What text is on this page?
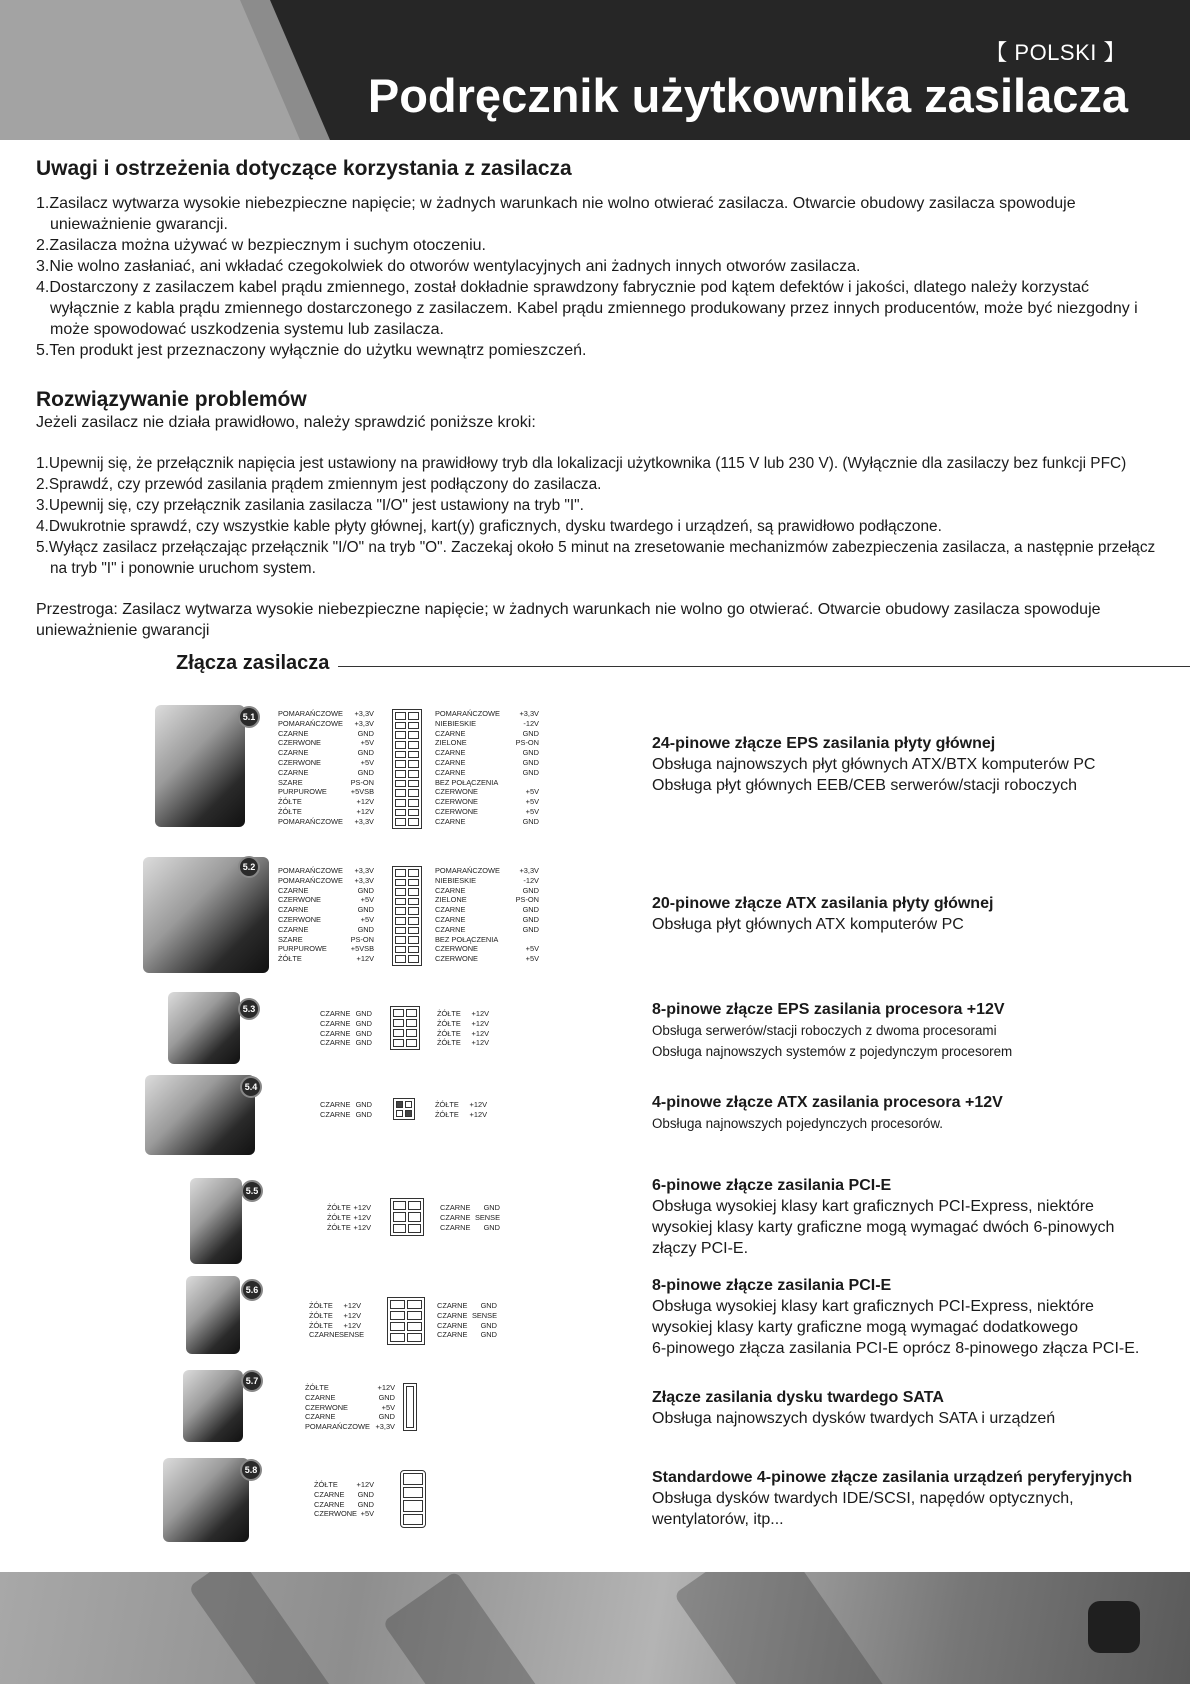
【 POLSKI 】
Podręcznik użytkownika zasilacza
Uwagi i ostrzeżenia dotyczące korzystania z zasilacza
1.Zasilacz wytwarza wysokie niebezpieczne napięcie; w żadnych warunkach nie wolno otwierać zasilacza. Otwarcie obudowy zasilacza spowoduje unieważnienie gwarancji.
2.Zasilacza można używać w bezpiecznym i suchym otoczeniu.
3.Nie wolno zasłaniać, ani wkładać czegokolwiek do otworów wentylacyjnych ani żadnych innych otworów zasilacza.
4.Dostarczony z zasilaczem kabel prądu zmiennego, został dokładnie sprawdzony fabrycznie pod kątem defektów i jakości, dlatego należy korzystać wyłącznie z kabla prądu zmiennego dostarczonego z zasilaczem. Kabel prądu zmiennego produkowany przez innych producentów, może być niezgodny i może spowodować uszkodzenia systemu lub zasilacza.
5.Ten produkt jest przeznaczony wyłącznie do użytku wewnątrz pomieszczeń.
Rozwiązywanie problemów

Jeżeli zasilacz nie działa prawidłowo, należy sprawdzić poniższe kroki:

1.Upewnij się, że przełącznik napięcia jest ustawiony na prawidłowy tryb dla lokalizacji użytkownika (115 V lub 230 V). (Wyłącznie dla zasilaczy bez funkcji PFC)
2.Sprawdź, czy przewód zasilania prądem zmiennym jest podłączony do zasilacza.
3.Upewnij się, czy przełącznik zasilania zasilacza "I/O" jest ustawiony na tryb "I".
4.Dwukrotnie sprawdź, czy wszystkie kable płyty głównej, kart(y) graficznych, dysku twardego i urządzeń, są prawidłowo podłączone.
5.Wyłącz zasilacz przełączając przełącznik "I/O" na tryb "O". Zaczekaj około 5 minut na zresetowanie mechanizmów zabezpieczenia zasilacza, a następnie przełącz na tryb "I" i ponownie uruchom system.

Przestroga: Zasilacz wytwarza wysokie niebezpieczne napięcie; w żadnych warunkach nie wolno go otwierać. Otwarcie obudowy zasilacza spowoduje unieważnienie gwarancji

Złącza zasilacza
5.1	POMARAŃCZOWE	+3,3V
POMARAŃCZOWE	+3,3V
CZARNE	GND
CZERWONE	+5V
CZARNE	GND
CZERWONE	+5V
CZARNE	GND
SZARE	PS-ON
PURPUROWE	+5VSB
ŻÓŁTE	+12V
ŻÓŁTE	+12V
POMARAŃCZOWE	+3,3V
POMARAŃCZOWE	+3,3V
NIEBIESKIE	-12V
CZARNE	GND
ZIELONE	PS-ON
CZARNE	GND
CZARNE	GND
CZARNE	GND
BEZ POŁĄCZENIA
CZERWONE	+5V
CZERWONE	+5V
CZERWONE	+5V
CZARNE	GND
24-pinowe złącze EPS zasilania płyty głównej
Obsługa najnowszych płyt głównych ATX/BTX komputerów PC
Obsługa płyt głównych EEB/CEB serwerów/stacji roboczych
5.2	POMARAŃCZOWE	+3,3V
POMARAŃCZOWE	+3,3V
CZARNE	GND
CZERWONE	+5V
CZARNE	GND
CZERWONE	+5V
CZARNE	GND
SZARE	PS-ON
PURPUROWE	+5VSB
ŻÓŁTE	+12V
POMARAŃCZOWE	+3,3V
NIEBIESKIE	-12V
CZARNE	GND
ZIELONE	PS-ON
CZARNE	GND
CZARNE	GND
CZARNE	GND
BEZ POŁĄCZENIA
CZERWONE	+5V
CZERWONE	+5V
20-pinowe złącze ATX zasilania płyty głównej
Obsługa płyt głównych ATX komputerów PC
5.3	CZARNE GND
CZARNE GND
CZARNE GND
CZARNE GND
ŻÓŁTE	+12V
ŻÓŁTE	+12V
ŻÓŁTE	+12V
ŻÓŁTE	+12V
8-pinowe złącze EPS zasilania procesora +12V
Obsługa serwerów/stacji roboczych z dwoma procesorami
Obsługa najnowszych systemów z pojedynczym procesorem
5.4
CZARNE GND
CZARNE GND
ŻÓŁTE	+12V
ŻÓŁTE	+12V
4-pinowe złącze ATX zasilania procesora +12V
Obsługa najnowszych pojedynczych procesorów.
5.5
ŻÓŁTE +12V
ŻÓŁTE +12V
ŻÓŁTE +12V
CZARNE	GND
CZARNE SENSE
CZARNE	GND
6-pinowe złącze zasilania PCI-E
Obsługa wysokiej klasy kart graficznych PCI-Express, niektóre
wysokiej klasy karty graficzne mogą wymagać dwóch 6-pinowych
złączy PCI-E.
5.6
ŻÓŁTE	+12V
ŻÓŁTE	+12V
ŻÓŁTE	+12V
CZARNE SENSE
CZARNE	GND
CZARNE SENSE
CZARNE	GND
CZARNE	GND
8-pinowe złącze zasilania PCI-E
Obsługa wysokiej klasy kart graficznych PCI-Express, niektóre
wysokiej klasy karty graficzne mogą wymagać dodatkowego
6-pinowego złącza zasilania PCI-E oprócz 8-pinowego złącza PCI-E.
5.7
ŻÓŁTE	+12V
CZARNE	GND
CZERWONE	+5V
CZARNE	GND
POMARAŃCZOWE +3,3V
Złącze zasilania dysku twardego SATA
Obsługa najnowszych dysków twardych SATA i urządzeń
5.8
ŻÓŁTE	+12V
CZARNE	GND
CZARNE	GND
CZERWONE +5V
Standardowe 4-pinowe złącze zasilania urządzeń peryferyjnych
Obsługa dysków twardych IDE/SCSI, napędów optycznych,
wentylatorów, itp...
